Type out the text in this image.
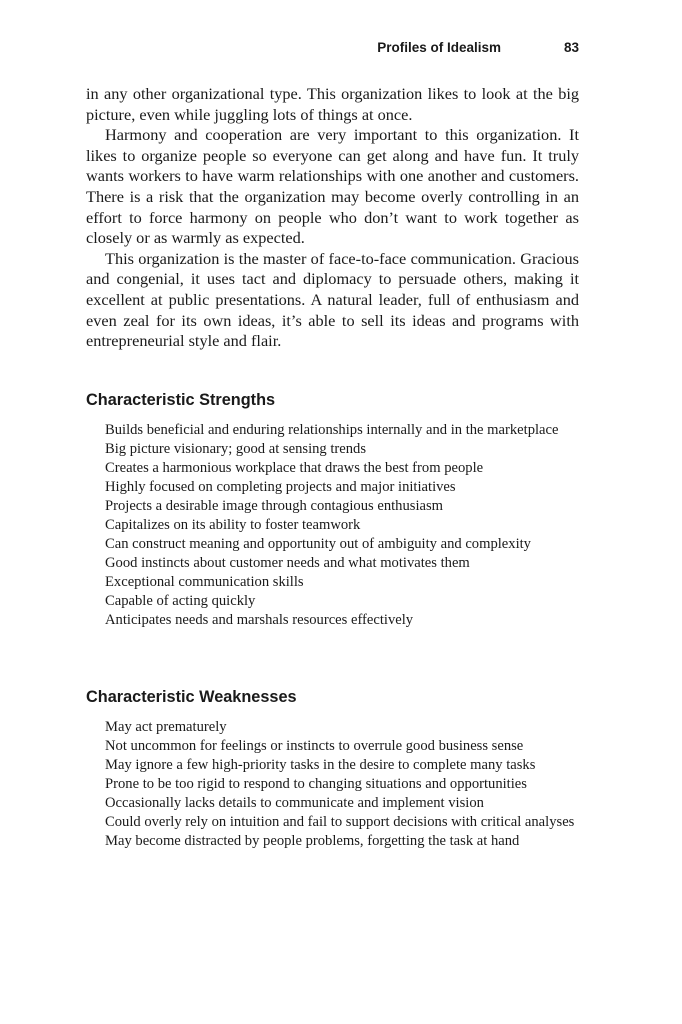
Profiles of Idealism	83

in any other organizational type. This organization likes to look at the big picture, even while juggling lots of things at once.

Harmony and cooperation are very important to this organization. It likes to organize people so everyone can get along and have fun. It truly wants workers to have warm relationships with one another and customers. There is a risk that the organization may become overly controlling in an effort to force harmony on people who don’t want to work together as closely or as warmly as expected.

This organization is the master of face-to-face communication. Gracious and congenial, it uses tact and diplomacy to persuade others, making it excellent at public presentations. A natural leader, full of enthusiasm and even zeal for its own ideas, it’s able to sell its ideas and programs with entrepreneurial style and flair.

Characteristic Strengths
Builds beneficial and enduring relationships internally and in the marketplace
Big picture visionary; good at sensing trends
Creates a harmonious workplace that draws the best from people
Highly focused on completing projects and major initiatives
Projects a desirable image through contagious enthusiasm
Capitalizes on its ability to foster teamwork
Can construct meaning and opportunity out of ambiguity and complexity
Good instincts about customer needs and what motivates them
Exceptional communication skills
Capable of acting quickly
Anticipates needs and marshals resources effectively
Characteristic Weaknesses
May act prematurely
Not uncommon for feelings or instincts to overrule good business sense
May ignore a few high-priority tasks in the desire to complete many tasks
Prone to be too rigid to respond to changing situations and opportunities
Occasionally lacks details to communicate and implement vision
Could overly rely on intuition and fail to support decisions with critical analyses
May become distracted by people problems, forgetting the task at hand
